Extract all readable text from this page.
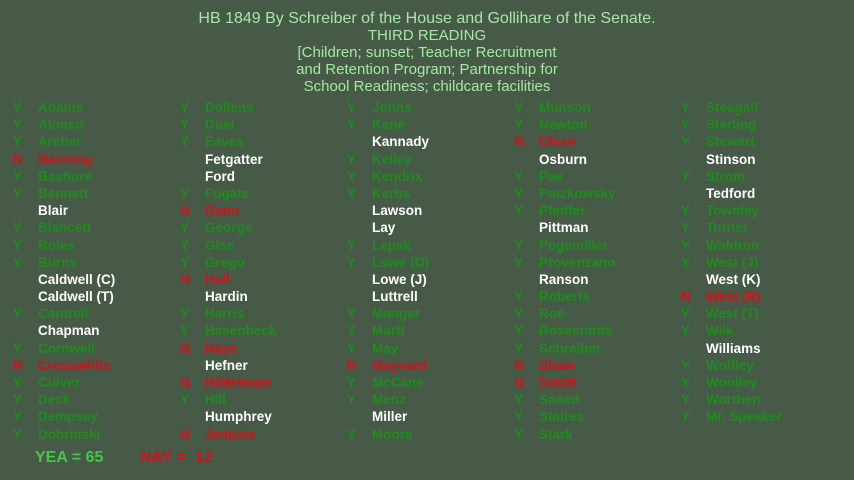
HB 1849 By Schreiber of the House and Gollihare of the Senate.
THIRD READING
[Children; sunset; Teacher Recruitment
and Retention Program; Partnership for
School Readiness; childcare facilities
Y	Adams
Y	Alonso
Y	Archer
N	Banning
Y	Bashore
Y	Bennett
Blair
Y	Blancett
Y	Boles
Y	Burns
Caldwell (C)
Caldwell (T)
Y	Cantrell
Chapman
Y	Cornwell
N	Crosswhite
Y	Culver
Y	Deck
Y	Dempsey
Y	Dobrinski
Y	Dollens
Y	Duel
Y	Eaves
Fetgatter
Ford
Y	Fugate
N	Gann
Y	George
Y	Glse
Y	Grego
N	Hall
Hardin
Y	Harris
Y	Hasenbeck
N	Hays
Hefner
N	Hildebrant
Y	Hill
Humphrey
N	Jenkins
Y	Johns
Y	Kane
Kannady
Y	Kelley
Y	Kendrix
Y	Kerbs
Lawson
Lay
Y	Lepak
Y	Lowe (D)
Lowe (J)
Luttrell
Y	Manger
Y	Martl
Y	May
N	Maynard
Y	McCane
Y	Menz
Miller
Y	Moore
Y	Munson
Y	Newton
N	Olsen
Osburn
Y	Pae
Y	Patzkowsky
Y	Pfeiffer
Pittman
Y	Pogemiller
Y	Provenzano
Ranson
Y	Roberts
Y	Roe
Y	Rosecrants
Y	Schreiber
N	Shaw
N	Smith
Y	Sneed
Y	Staires
Y	Stark
Y	Steagall
Y	Sterling
Y	Stewart
Stinson
Y	Strom
Tedford
Y	Townley
Y	Turner
Y	Waldron
Y	West (J)
West (K)
N	West (R)
Y	West (T)
Y	Wilk
Williams
Y	Wolfley
Y	Woolley
Y	Worthen
Y	Mr. Speaker
YEA = 65 NAY =  12
